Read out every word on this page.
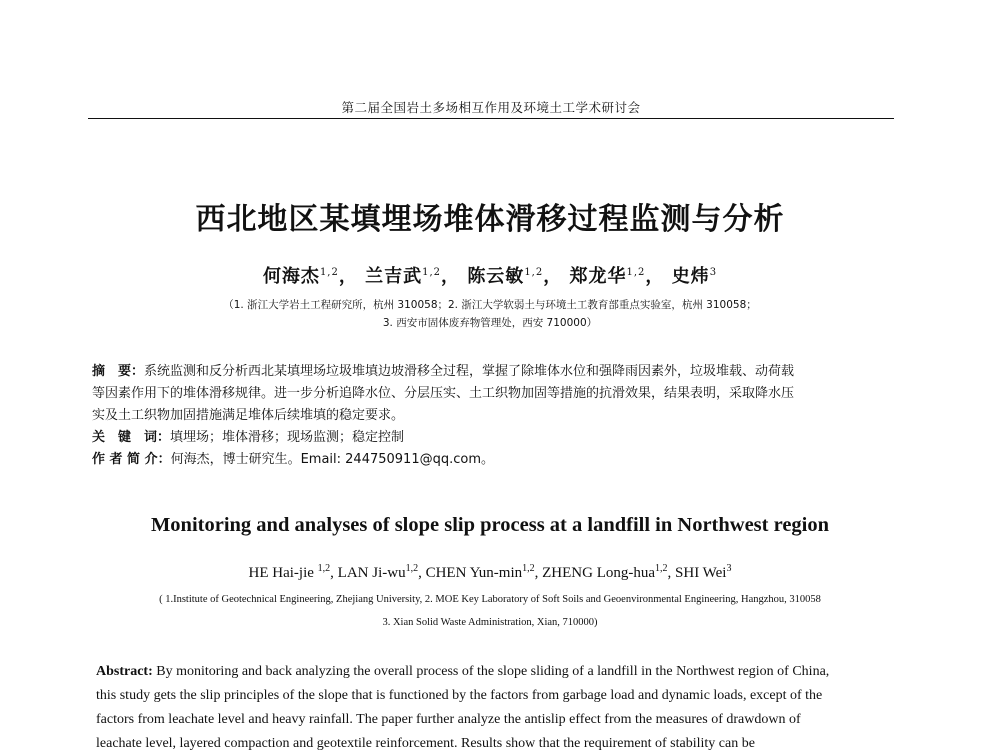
第二届全国岩土多场相互作用及环境土工学术研讨会
西北地区某填埋场堆体滑移过程监测与分析
何海杰$^{1,2}$， 兰吉武$^{1,2}$， 陈云敏$^{1,2}$， 郑龙华$^{1,2}$， 史炜$^3$
（1. 浙江大学岩土工程研究所，杭州 310058；2. 浙江大学软弱土与环境土工教育部重点实验室，杭州 310058；
3. 西安市固体废弃物管理处，西安 710000）
摘　要：系统监测和反分析西北某填埋场垃圾堆填边坡滑移全过程，掌握了除堆体水位和强降雨因素外，垃圾堆载、动荷载
等因素作用下的堆体滑移规律。进一步分析追降水位、分层压实、土工织物加固等措施的抗滑效果，结果表明，采取降水压
实及土工织物加固措施满足堆体后续堆填的稳定要求。
关　键　词：填埋场；堆体滑移；现场监测；稳定控制
作 者 简 介：何海杰，博士研究生。Email: 244750911@qq.com。
Monitoring and analyses of slope slip process at a landfill in Northwest region
HE Hai-jie $^{1,2}$, LAN Ji-wu$^{1,2}$, CHEN Yun-$\min^{1,2}$, ZHENG Long-hua$^{1,2}$, SHI Wei$^3$
( 1.Institute of Geotechnical Engineering, Zhejiang University, 2. MOE Key Laboratory of Soft Soils and Geoenvironmental Engineering, Hangzhou, 310058
3. Xian Solid Waste Administration, Xian, 710000)
Abstract: By monitoring and back analyzing the overall process of the slope sliding of a landfill in the Northwest region of China,
this study gets the slip principles of the slope that is functioned by the factors from garbage load and dynamic loads, except of the
factors from leachate level and heavy rainfall. The paper further analyze the antislip effect from the measures of drawdown of
leachate level, layered compaction and geotextile reinforcement. Results show that the requirement of stability can be
